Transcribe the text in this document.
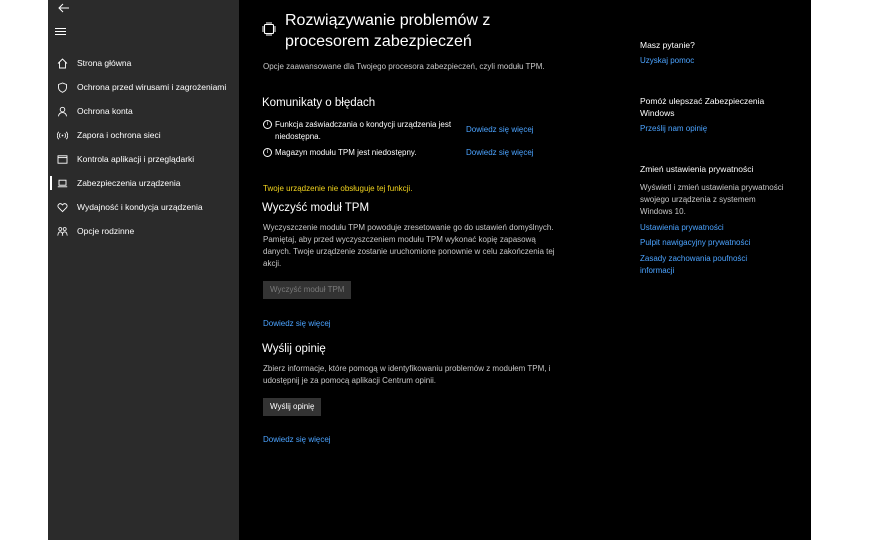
Strona główna
Ochrona przed wirusami i zagrożeniami
Ochrona konta
Zapora i ochrona sieci
Kontrola aplikacji i przeglądarki
Zabezpieczenia urządzenia
Wydajność i kondycja urządzenia
Opcje rodzinne
Rozwiązywanie problemów z procesorem zabezpieczeń

Opcje zaawansowane dla Twojego procesora zabezpieczeń, czyli modułu TPM.

Komunikaty o błędach
i Funkcja zaświadczania o kondycji urządzenia jest niedostępna.
Dowiedz się więcej
i Magazyn modułu TPM jest niedostępny.	Dowiedz się więcej
Twoje urządzenie nie obsługuje tej funkcji.
Wyczyść moduł TPM

Wyczyszczenie modułu TPM powoduje zresetowanie go do ustawień domyślnych. Pamiętaj, aby przed wyczyszczeniem modułu TPM wykonać kopię zapasową danych. Twoje urządzenie zostanie uruchomione ponownie w celu zakończenia tej akcji.

Wyczyść moduł TPM
Dowiedz się więcej
Wyślij opinię

Zbierz informacje, które pomogą w identyfikowaniu problemów z modułem TPM, i udostępnij je za pomocą aplikacji Centrum opinii.

Wyślij opinię
Dowiedz się więcej
Masz pytanie?
Uzyskaj pomoc
Pomóż ulepszać Zabezpieczenia Windows
Prześlij nam opinię
Zmień ustawienia prywatności
Wyświetl i zmień ustawienia prywatności swojego urządzenia z systemem Windows 10.
Ustawienia prywatności
Pulpit nawigacyjny prywatności
Zasady zachowania poufności informacji
